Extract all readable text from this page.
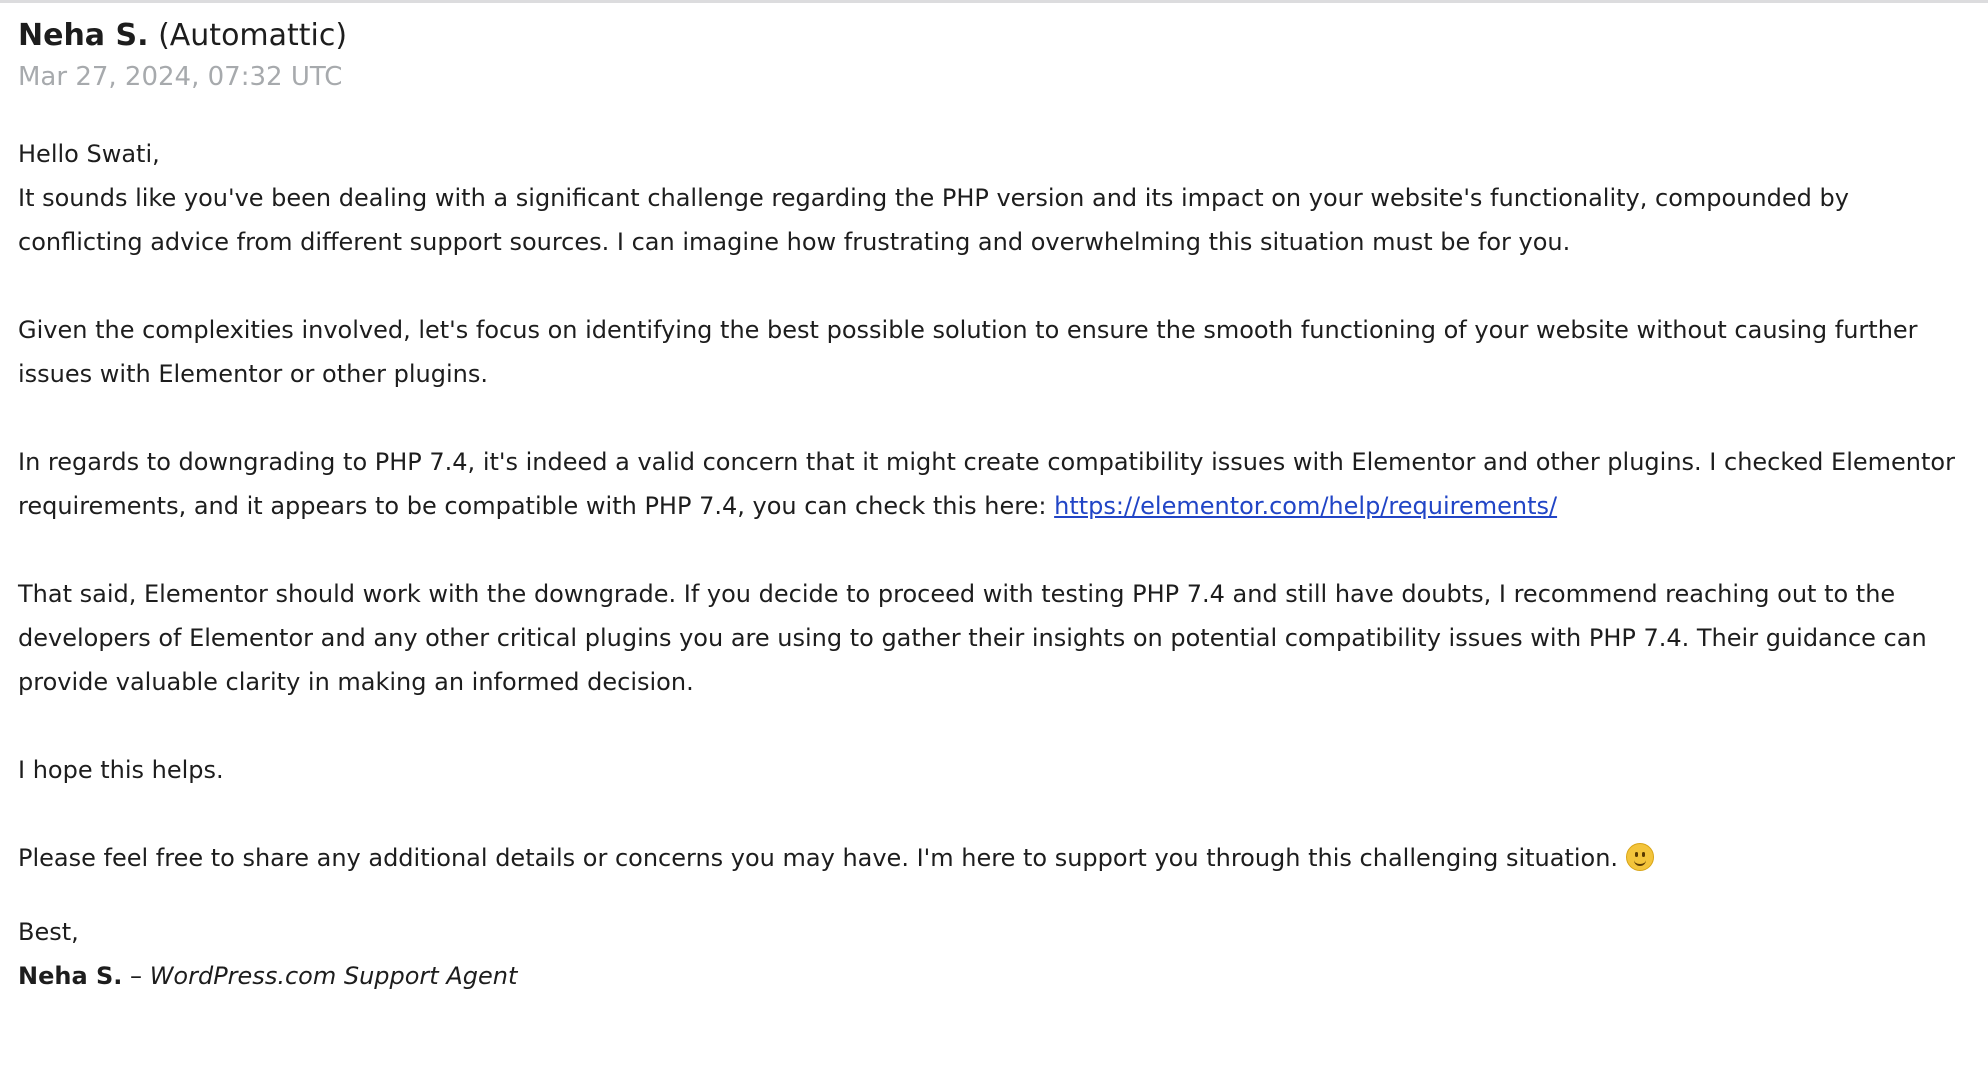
Neha S. (Automattic)
Mar 27, 2024, 07:32 UTC

Hello Swati,

It sounds like you've been dealing with a significant challenge regarding the PHP version and its impact on your website's functionality, compounded by conflicting advice from different support sources. I can imagine how frustrating and overwhelming this situation must be for you.

Given the complexities involved, let's focus on identifying the best possible solution to ensure the smooth functioning of your website without causing further issues with Elementor or other plugins.

In regards to downgrading to PHP 7.4, it's indeed a valid concern that it might create compatibility issues with Elementor and other plugins. I checked Elementor requirements, and it appears to be compatible with PHP 7.4, you can check this here: https://elementor.com/help/requirements/

That said, Elementor should work with the downgrade. If you decide to proceed with testing PHP 7.4 and still have doubts, I recommend reaching out to the developers of Elementor and any other critical plugins you are using to gather their insights on potential compatibility issues with PHP 7.4. Their guidance can provide valuable clarity in making an informed decision.

I hope this helps.

Please feel free to share any additional details or concerns you may have. I'm here to support you through this challenging situation.

Best,

Neha S. – WordPress.com Support Agent
